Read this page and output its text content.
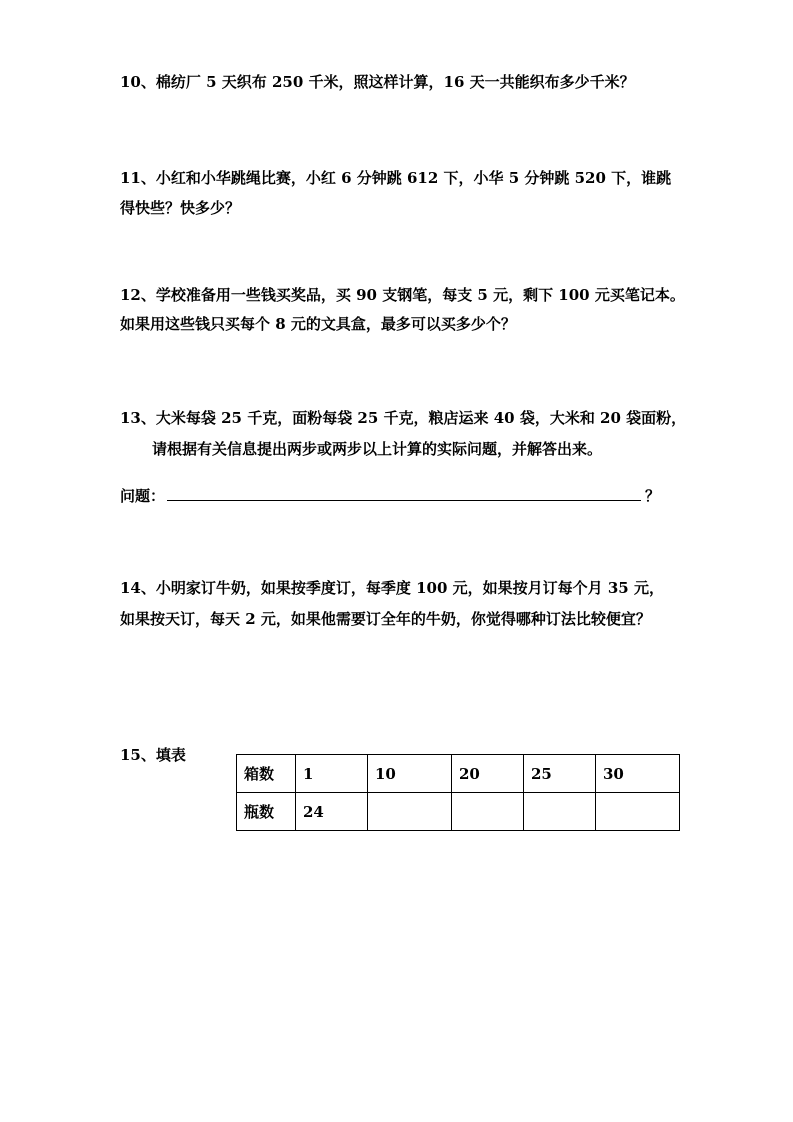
10、棉纺厂 5 天织布 250 千米，照这样计算，16 天一共能织布多少千米？
11、小红和小华跳绳比赛，小红 6 分钟跳 612 下，小华 5 分钟跳 520 下，谁跳
得快些？快多少？
12、学校准备用一些钱买奖品，买 90 支钢笔，每支 5 元，剩下 100 元买笔记本。
如果用这些钱只买每个 8 元的文具盒，最多可以买多少个？
13、大米每袋 25 千克，面粉每袋 25 千克，粮店运来 40 袋，大米和 20 袋面粉，
请根据有关信息提出两步或两步以上计算的实际问题，并解答出来。
问题：	？
14、小明家订牛奶，如果按季度订，每季度 100 元，如果按月订每个月 35 元，
如果按天订，每天 2 元，如果他需要订全年的牛奶，你觉得哪种订法比较便宜？
15、填表
箱数	1	10	20	25	30
瓶数	24				
